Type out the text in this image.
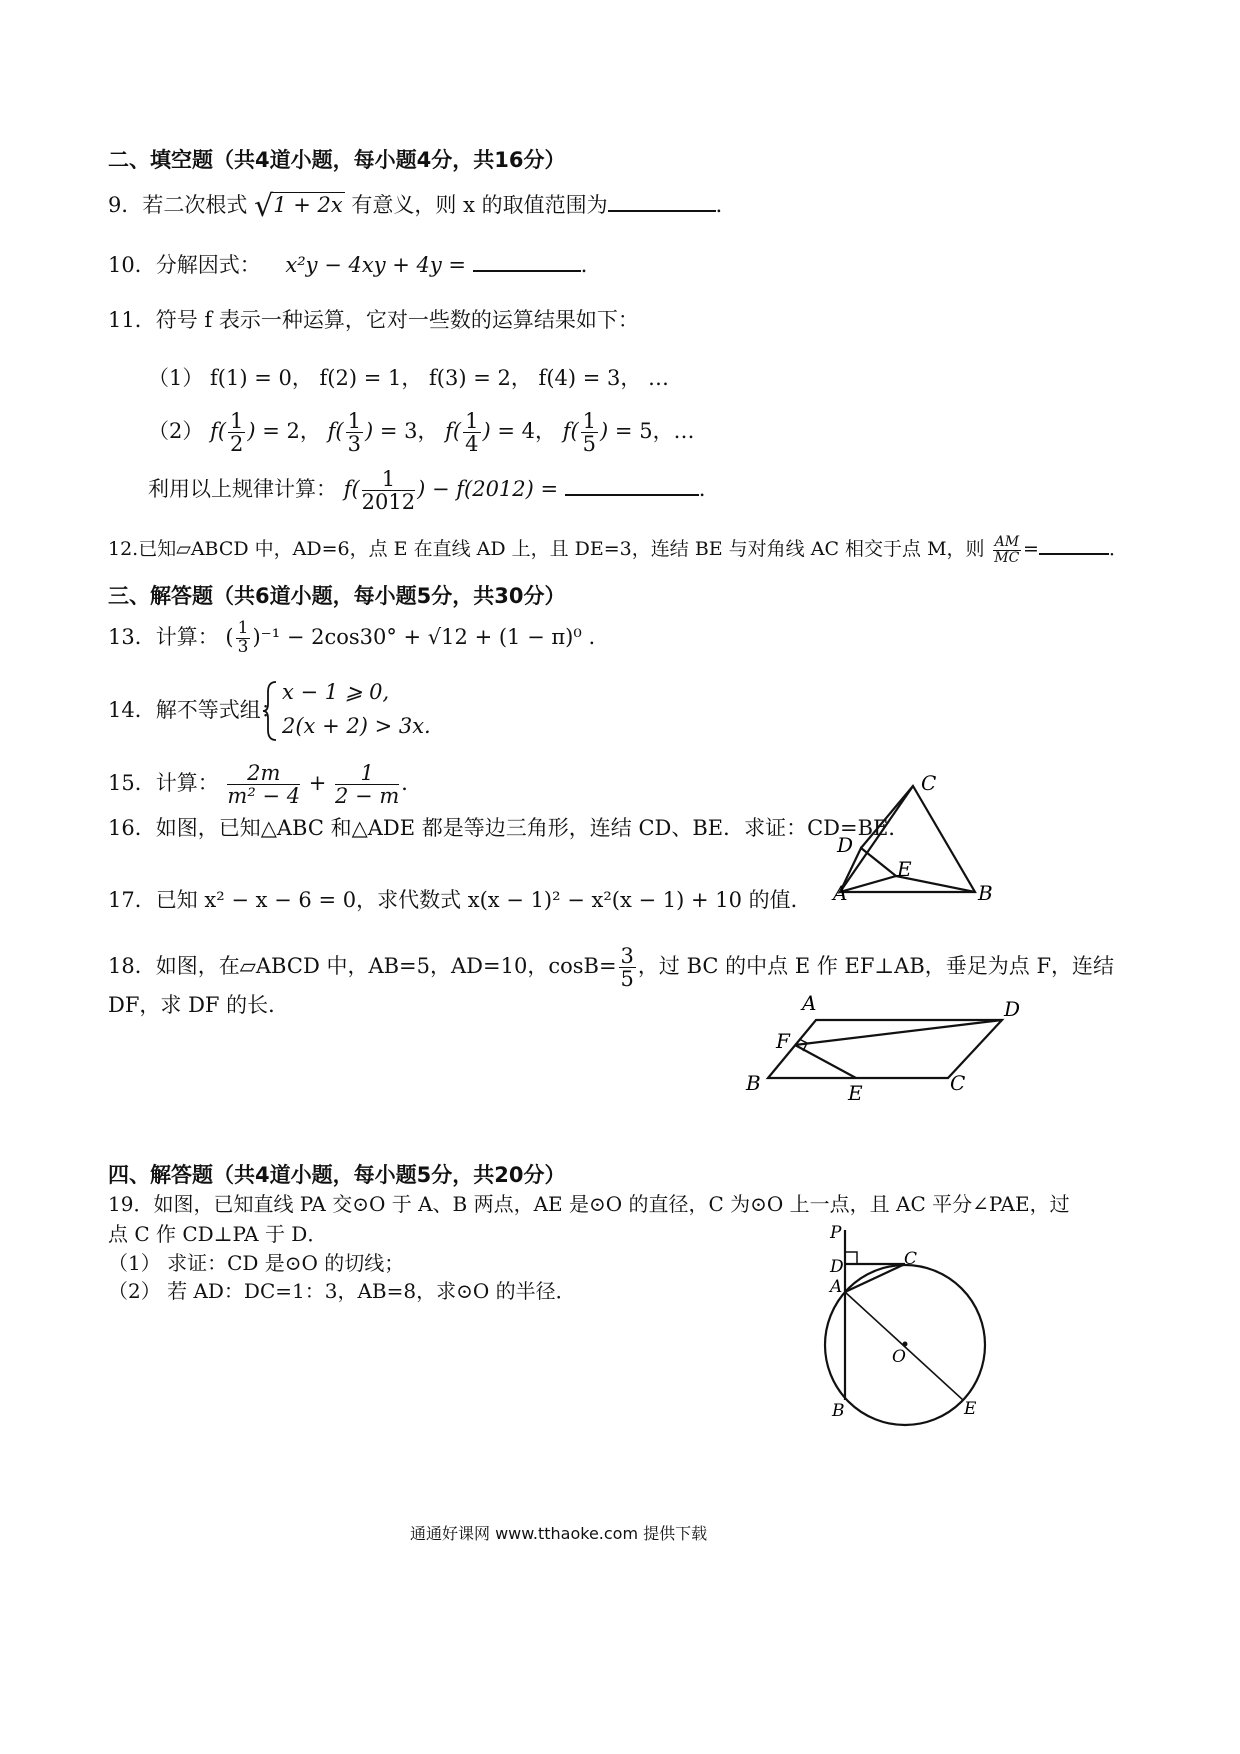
二、填空题（共4道小题，每小题4分，共16分）
9．若二次根式 √1 + 2x 有意义，则 x 的取值范围为	．
10．分解因式： x²y − 4xy + 4y =	．
11．符号 f 表示一种运算，它对一些数的运算结果如下：
（1） f(1) = 0， f(2) = 1， f(3) = 2， f(4) = 3， …
（2） $f( \frac{1}{2}$ ) = 2， $f( \frac{1}{3}$ ) = 3， $f( \frac{1}{4}$ ) = 4， $f( \frac{1}{5}$ ) = 5，…
利用以上规律计算： $f( \frac{1}{2012}$ ) − f(2012) =	．
12.已知▱ABCD 中，AD=6，点 E 在直线 AD 上，且 DE=3，连结 BE 与对角线 AC 相交于点 M，则 $\frac{AM}{MC}$ =	．
三、解答题（共6道小题，每小题5分，共30分）
13．计算： ( $\frac{1}{3} )^{-1} - 2\cos 30^\circ + √12 + (1 - \pi)^0$ .
14．解不等式组：
x − 1 ⩾ 0,
2(x + 2) > 3x.
15．计算： $\frac{2m}{\text{m² − 4}} + \frac{1}{2 - m}$ ．
16．如图，已知△ABC 和△ADE 都是等边三角形，连结 CD、BE．求证：CD=BE．
C
D
E
A	B
17．已知 x² − x − 6 = 0，求代数式 x(x − 1)² − x²(x − 1) + 10 的值．
18．如图，在▱ABCD 中，AB=5，AD=10，$\cos B= \frac{3}{5}$ ，过 BC 的中点 E 作 EF⊥AB，垂足为点 F，连结
DF，求 DF 的长．	A	D
F
B	E	C
四、解答题（共4道小题，每小题5分，共20分）
19．如图，已知直线 PA 交⊙O 于 A、B 两点，AE 是⊙O 的直径，C 为⊙O 上一点，且 AC 平分∠PAE，过
点 C 作 CD⊥PA 于 D．
（1） 求证：CD 是⊙O 的切线；
（2） 若 AD：DC=1：3，AB=8，求⊙O 的半径．
P
D	C
A
O
B	E
通通好课网 www.tthaoke.com 提供下载
